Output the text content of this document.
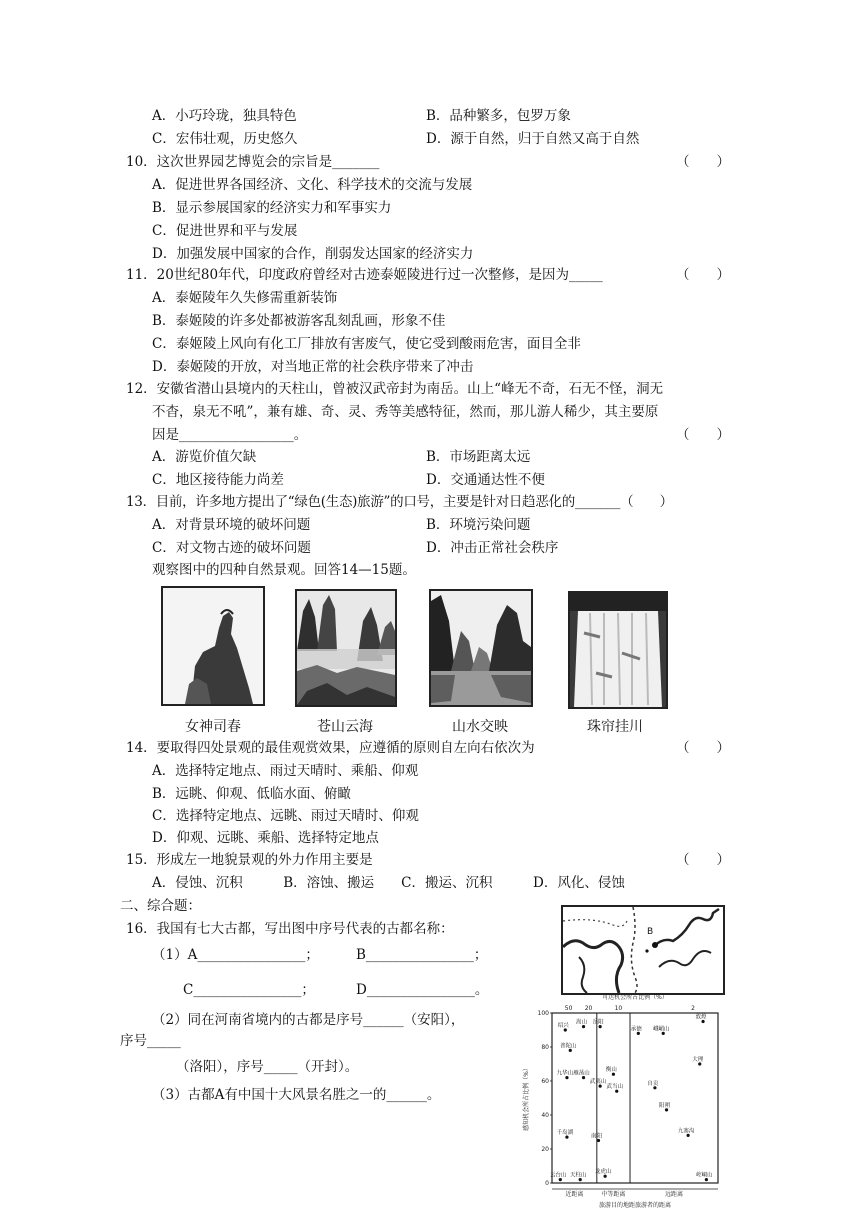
A．小巧玲珑，独具特色	B．品种繁多，包罗万象
C．宏伟壮观，历史悠久	D．源于自然，归于自然又高于自然
10．这次世界园艺博览会的宗旨是_______	（　　）
A．促进世界各国经济、文化、科学技术的交流与发展
B．显示参展国家的经济实力和军事实力
C．促进世界和平与发展
D．加强发展中国家的合作，削弱发达国家的经济实力
11．20世纪80年代，印度政府曾经对古迹泰姬陵进行过一次整修，是因为_____	（　　）
A．泰姬陵年久失修需重新装饰
B．泰姬陵的许多处都被游客乱刻乱画，形象不佳
C．泰姬陵上风向有化工厂排放有害废气，使它受到酸雨危害，面目全非
D．泰姬陵的开放，对当地正常的社会秩序带来了冲击
12．安徽省潜山县境内的天柱山，曾被汉武帝封为南岳。山上“峰无不奇，石无不怪，洞无
不杳，泉无不吼”，兼有雄、奇、灵、秀等美感特征，然而，那儿游人稀少，其主要原
因是_________________。	（　　）
A．游览价值欠缺	B．市场距离太远
C．地区接待能力尚差	D．交通通达性不便
13．目前，许多地方提出了“绿色(生态)旅游”的口号，主要是针对日趋恶化的_______（　　）
A．对背景环境的破坏问题	B．环境污染问题
C．对文物古迹的破坏问题	D．冲击正常社会秩序
观察图中的四种自然景观。回答14—15题。
女神司春	苍山云海	山水交映	珠帘挂川
14．要取得四处景观的最佳观赏效果，应遵循的原则自左向右依次为	（　　）
A．选择特定地点、雨过天晴时、乘船、仰观
B．远眺、仰观、低临水面、俯瞰
C．选择特定地点、远眺、雨过天晴时、仰观
D．仰观、远眺、乘船、选择特定地点
15．形成左一地貌景观的外力作用主要是	（　　）
A．侵蚀、沉积　　　B．溶蚀、搬运　　C．搬运、沉积　　　D．风化、侵蚀
二、综合题：
16．我国有七大古都，写出图中序号代表的古都名称：
（1）A________________；	B________________；
C________________；	D________________。
（2）同在河南省境内的古都是序号______（安阳），
序号_____
（洛阳），序号_____（开封）。
（3）古都A有中国十大风景名胜之一的______。
B
可达机会所占比例（%）
50 20	10	2
0
20
40
60
80
100
感知机会所占比例（%）
绍兴
嵩山 岳阳
普陀山
承德 峨嵋山
敦煌
大理
九华山 雁荡山
衡山
武夷山
武当山
自贡
阳朔
九寨沟
千岛湖
南阳
云台山 天柱山
龙虎山
崆峒山
近距离	中等距离	远距离
旅游目的地距旅游者的距离
